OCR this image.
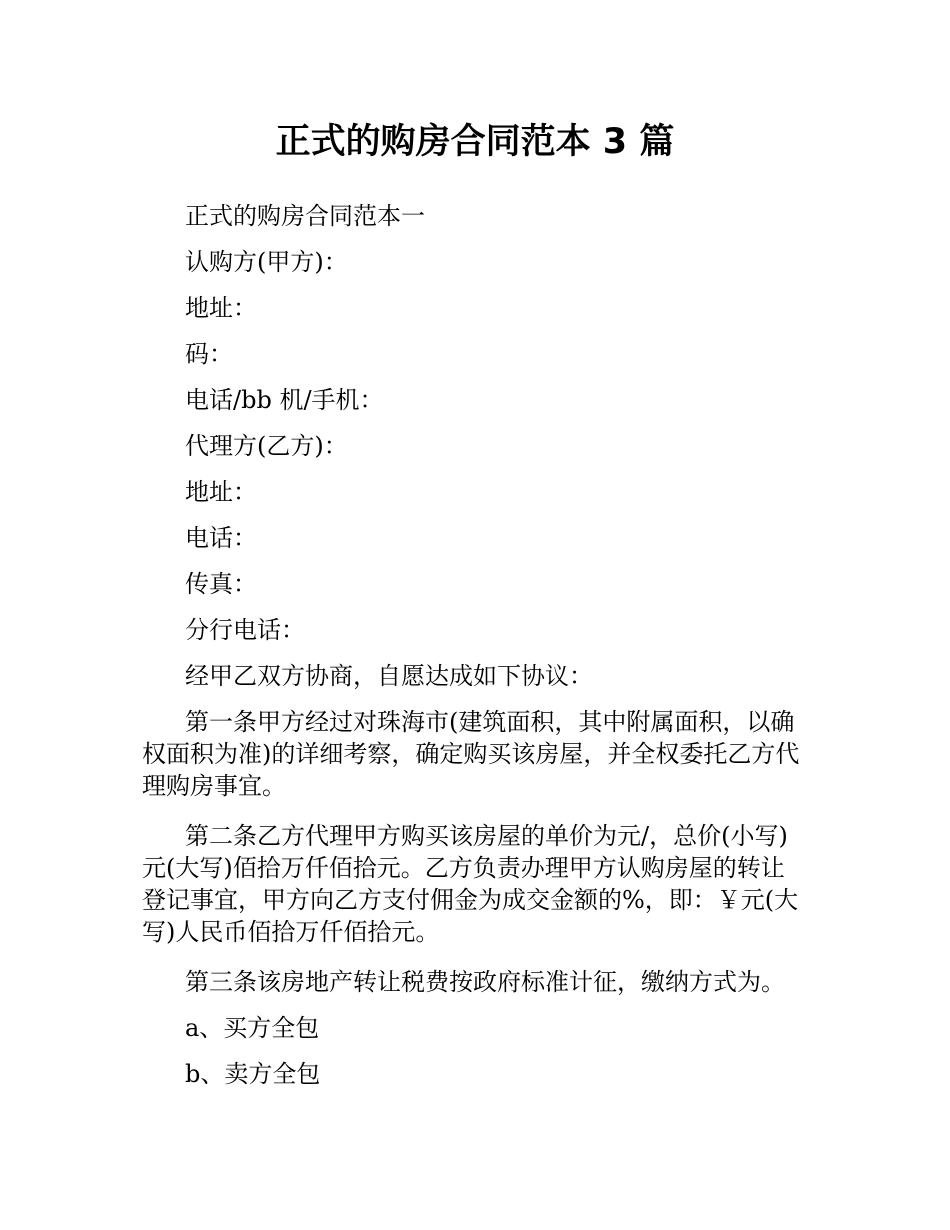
正式的购房合同范本 3 篇

正式的购房合同范本一

认购方(甲方)：

地址：

码：

电话/bb 机/手机：

代理方(乙方)：

地址：

电话：

传真：

分行电话：

经甲乙双方协商，自愿达成如下协议：

第一条甲方经过对珠海市(建筑面积，其中附属面积，以确权面积为准)的详细考察，确定购买该房屋，并全权委托乙方代理购房事宜。

第二条乙方代理甲方购买该房屋的单价为元/，总价(小写)元(大写)佰拾万仟佰拾元。乙方负责办理甲方认购房屋的转让登记事宜，甲方向乙方支付佣金为成交金额的%，即：￥元(大写)人民币佰拾万仟佰拾元。

第三条该房地产转让税费按政府标准计征，缴纳方式为。

a、买方全包

b、卖方全包
